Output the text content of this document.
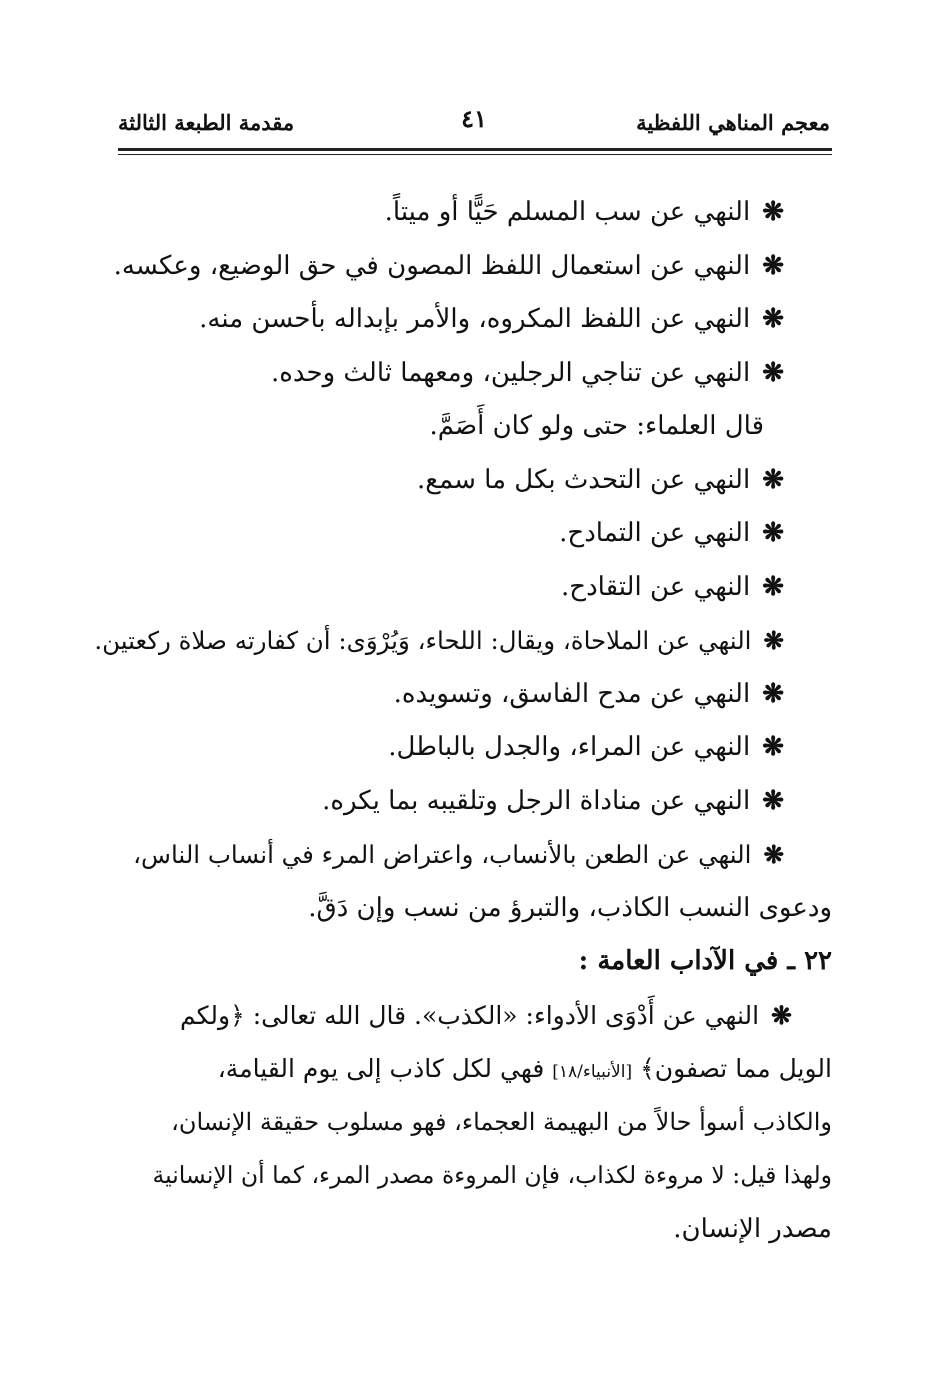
معجم المناهي اللفظية
٤١
مقدمة الطبعة الثالثة
❋النهي عن سب المسلم حَيًّا أو ميتاً.
❋النهي عن استعمال اللفظ المصون في حق الوضيع، وعكسه.
❋النهي عن اللفظ المكروه، والأمر بإبداله بأحسن منه.
❋النهي عن تناجي الرجلين، ومعهما ثالث وحده.
قال العلماء: حتى ولو كان أَصَمَّ.
❋النهي عن التحدث بكل ما سمع.
❋النهي عن التمادح.
❋النهي عن التقادح.
❋النهي عن الملاحاة، ويقال: اللحاء، وَيُرْوَى: أن كفارته صلاة ركعتين.
❋النهي عن مدح الفاسق، وتسويده.
❋النهي عن المراء، والجدل بالباطل.
❋النهي عن مناداة الرجل وتلقيبه بما يكره.
❋النهي عن الطعن بالأنساب، واعتراض المرء في أنساب الناس،
ودعوى النسب الكاذب، والتبرؤ من نسب وإن دَقَّ.
٢٢ ـ في الآداب العامة :
❋النهي عن أَدْوَى الأدواء: «الكذب». قال الله تعالى: ﴿ولكم
الويل مما تصفون﴾ [الأنبياء/١٨] فهي لكل كاذب إلى يوم القيامة،
والكاذب أسوأ حالاً من البهيمة العجماء، فهو مسلوب حقيقة الإنسان،
ولهذا قيل: لا مروءة لكذاب، فإن المروءة مصدر المرء، كما أن الإنسانية
مصدر الإنسان.
